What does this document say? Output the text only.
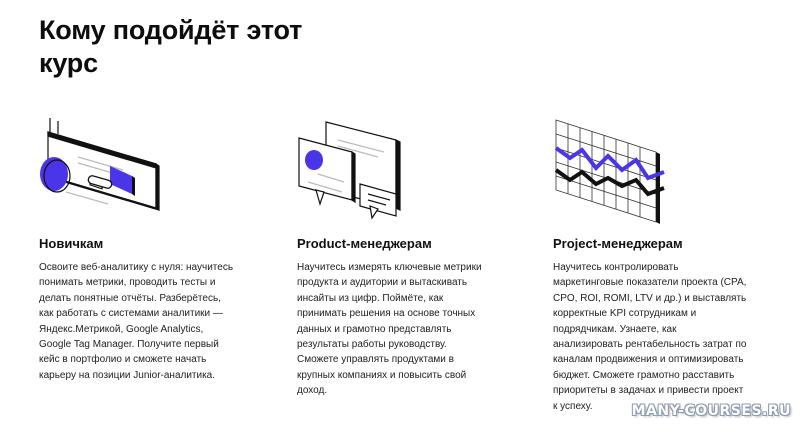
Кому подойдёт этот
курс
Новичкам
Освоите веб-аналитику с нуля: научитесь
понимать метрики, проводить тесты и
делать понятные отчёты. Разберётесь,
как работать с системами аналитики —
Яндекс.Метрикой, Google Analytics,
Google Tag Manager. Получите первый
кейс в портфолио и сможете начать
карьеру на позиции Junior-аналитика.
Product-менеджерам
Научитесь измерять ключевые метрики
продукта и аудитории и вытаскивать
инсайты из цифр. Поймёте, как
принимать решения на основе точных
данных и грамотно представлять
результаты работы руководству.
Сможете управлять продуктами в
крупных компаниях и повысить свой
доход.
Project-менеджерам
Научитесь контролировать
маркетинговые показатели проекта (CPA,
CPO, ROI, ROMI, LTV и др.) и выставлять
корректные KPI сотрудникам и
подрядчикам. Узнаете, как
анализировать рентабельность затрат по
каналам продвижения и оптимизировать
бюджет. Сможете грамотно расставить
приоритеты в задачах и привести проект
к успеху.	MANY-COURSES.RU
